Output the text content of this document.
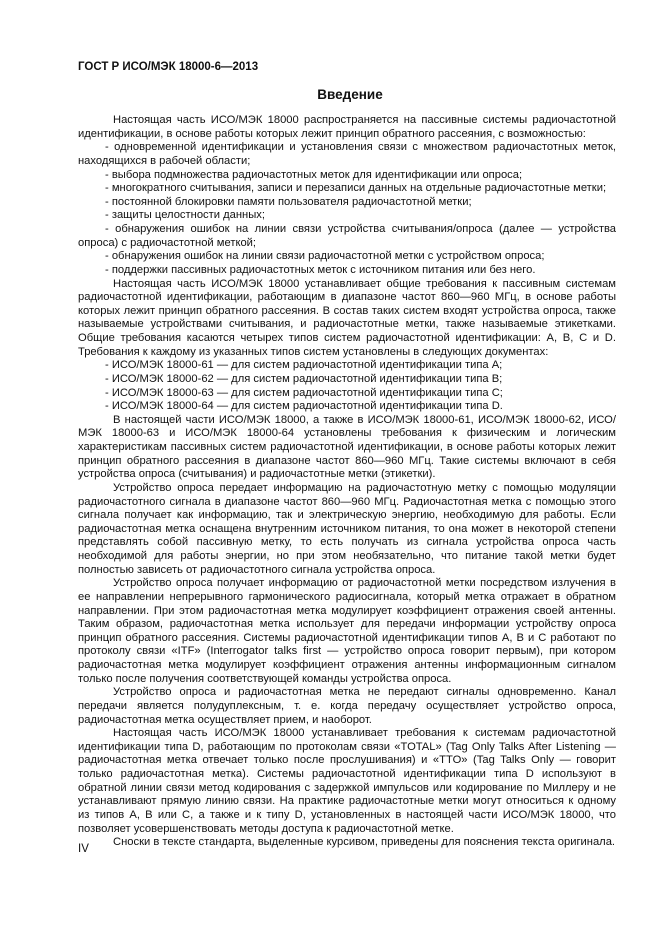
ГОСТ Р ИСО/МЭК 18000-6—2013
Введение

Настоящая часть ИСО/МЭК 18000 распространяется на пассивные системы радиочастотной идентификации, в основе работы которых лежит принцип обратного рассеяния, с возможностью:

- одновременной идентификации и установления связи с множеством радиочастотных меток, находящихся в рабочей области;

- выбора подмножества радиочастотных меток для идентификации или опроса;

- многократного считывания, записи и перезаписи данных на отдельные радиочастотные метки;

- постоянной блокировки памяти пользователя радиочастотной метки;

- защиты целостности данных;

- обнаружения ошибок на линии связи устройства считывания/опроса (далее — устройства опроса) с радиочастотной меткой;

- обнаружения ошибок на линии связи радиочастотной метки с устройством опроса;

- поддержки пассивных радиочастотных меток с источником питания или без него.

Настоящая часть ИСО/МЭК 18000 устанавливает общие требования к пассивным системам радиочастотной идентификации, работающим в диапазоне частот 860—960 МГц, в основе работы которых лежит принцип обратного рассеяния. В состав таких систем входят устройства опроса, также называемые устройствами считывания, и радиочастотные метки, также называемые этикетками. Общие требования касаются четырех типов систем радиочастотной идентификации: A, B, C и D. Требования к каждому из указанных типов систем установлены в следующих документах:

- ИСО/МЭК 18000-61 — для систем радиочастотной идентификации типа A;

- ИСО/МЭК 18000-62 — для систем радиочастотной идентификации типа B;

- ИСО/МЭК 18000-63 — для систем радиочастотной идентификации типа C;

- ИСО/МЭК 18000-64 — для систем радиочастотной идентификации типа D.

В настоящей части ИСО/МЭК 18000, а также в ИСО/МЭК 18000-61, ИСО/МЭК 18000-62, ИСО/МЭК 18000-63 и ИСО/МЭК 18000-64 установлены требования к физическим и логическим характеристикам пассивных систем радиочастотной идентификации, в основе работы которых лежит принцип обратного рассеяния в диапазоне частот 860—960 МГц. Такие системы включают в себя устройства опроса (считывания) и радиочастотные метки (этикетки).

Устройство опроса передает информацию на радиочастотную метку с помощью модуляции радиочастотного сигнала в диапазоне частот 860—960 МГц. Радиочастотная метка с помощью этого сигнала получает как информацию, так и электрическую энергию, необходимую для работы. Если радиочастотная метка оснащена внутренним источником питания, то она может в некоторой степени представлять собой пассивную метку, то есть получать из сигнала устройства опроса часть необходимой для работы энергии, но при этом необязательно, что питание такой метки будет полностью зависеть от радиочастотного сигнала устройства опроса.

Устройство опроса получает информацию от радиочастотной метки посредством излучения в ее направлении непрерывного гармонического радиосигнала, который метка отражает в обратном направлении. При этом радиочастотная метка модулирует коэффициент отражения своей антенны. Таким образом, радиочастотная метка использует для передачи информации устройству опроса принцип обратного рассеяния. Системы радиочастотной идентификации типов A, B и C работают по протоколу связи «ITF» (Interrogator talks first — устройство опроса говорит первым), при котором радиочастотная метка модулирует коэффициент отражения антенны информационным сигналом только после получения соответствующей команды устройства опроса.

Устройство опроса и радиочастотная метка не передают сигналы одновременно. Канал передачи является полудуплексным, т. е. когда передачу осуществляет устройство опроса, радиочастотная метка осуществляет прием, и наоборот.

Настоящая часть ИСО/МЭК 18000 устанавливает требования к системам радиочастотной идентификации типа D, работающим по протоколам связи «TOTAL» (Tag Only Talks After Listening — радиочастотная метка отвечает только после прослушивания) и «TTO» (Tag Talks Only — говорит только радиочастотная метка). Системы радиочастотной идентификации типа D используют в обратной линии связи метод кодирования с задержкой импульсов или кодирование по Миллеру и не устанавливают прямую линию связи. На практике радиочастотные метки могут относиться к одному из типов A, B или C, а также и к типу D, установленных в настоящей части ИСО/МЭК 18000, что позволяет усовершенствовать методы доступа к радиочастотной метке.

Сноски в тексте стандарта, выделенные курсивом, приведены для пояснения текста оригинала.

IV
